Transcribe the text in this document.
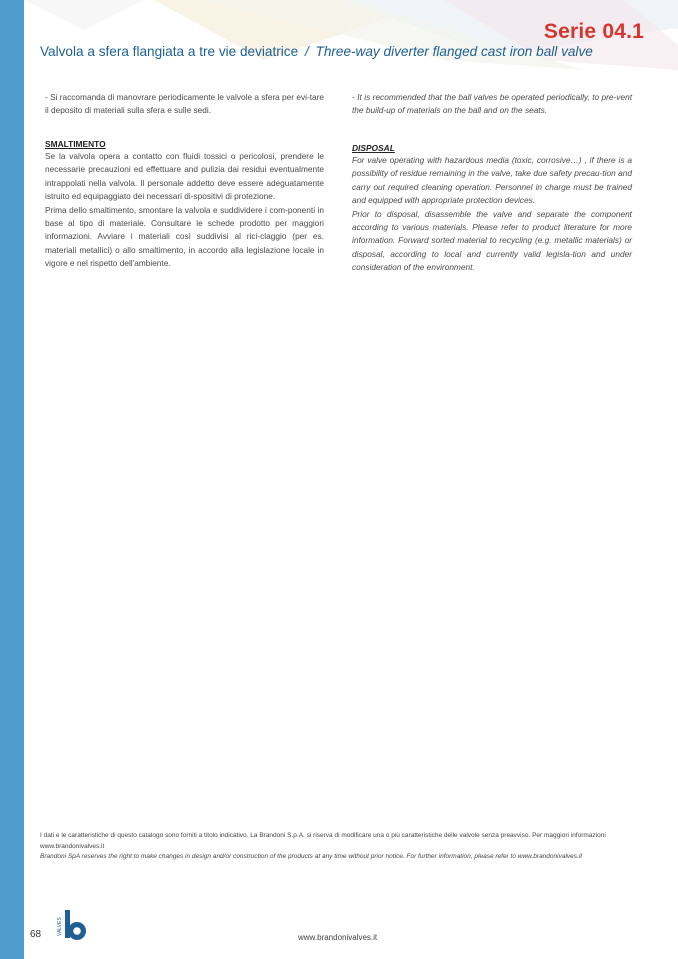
Serie 04.1
Valvola a sfera flangiata a tre vie deviatrice / Three-way diverter flanged cast iron ball valve

- Si raccomanda di manovrare periodicamente le valvole a sfera per evi-tare il deposito di materiali sulla sfera e sulle sedi.

SMALTIMENTO

Se la valvola opera a contatto con fluidi tossici o pericolosi, prendere le necessarie precauzioni ed effettuare and pulizia dai residui eventualmente intrappolati nella valvola. Il personale addetto deve essere adeguatamente istruito ed equipaggiato dei necessari di-spositivi di protezione.

Prima dello smaltimento, smontare la valvola e suddividere i com-ponenti in base al tipo di materiale. Consultare le schede prodotto per maggiori informazioni. Avviare i materiali così suddivisi al rici-claggio (per es. materiali metallici) o allo smaltimento, in accordo alla legislazione locale in vigore e nel rispetto dell'ambiente.

- It is recommended that the ball valves be operated periodically, to pre-vent the build-up of materials on the ball and on the seats.

DISPOSAL

For valve operating with hazardous media (toxic, corrosive…) , if there is a possibility of residue remaining in the valve, take due safety precau-tion and carry out required cleaning operation. Personnel in charge must be trained and equipped with appropriate protection devices.

Prior to disposal, disassemble the valve and separate the component according to various materials. Please refer to product literature for more information. Forward sorted material to recycling (e.g. metallic materials) or disposal, according to local and currently valid legisla-tion and under consideration of the environment.

I dati e le caratteristiche di questo catalogo sono forniti a titolo indicativo. La Brandoni S.p.A. si riserva di modificare una o più caratteristiche delle valvole senza preavviso. Per maggiori informazioni www.brandonivalves.it

Brandoni SpA reserves the right to make changes in design and/or construction of the products at any time without prior notice. For further information, please refer to www.brandonivalves.it

68	VALVES
www.brandonivalves.it
